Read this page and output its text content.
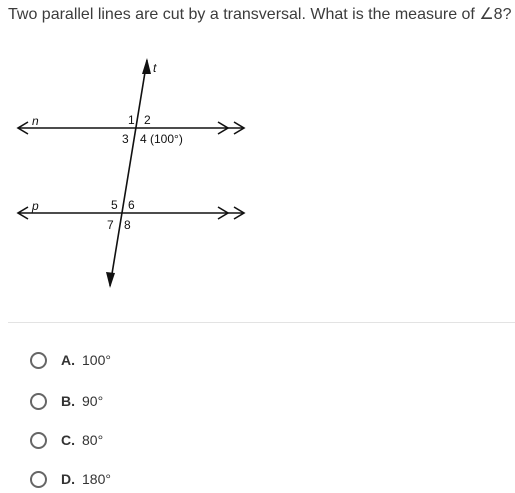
Two parallel lines are cut by a transversal. What is the measure of ∠8?
t
n
p
1 2
3 4 (100°)
5 6
7 8
A. 100°
B. 90°
C. 80°
D. 180°
